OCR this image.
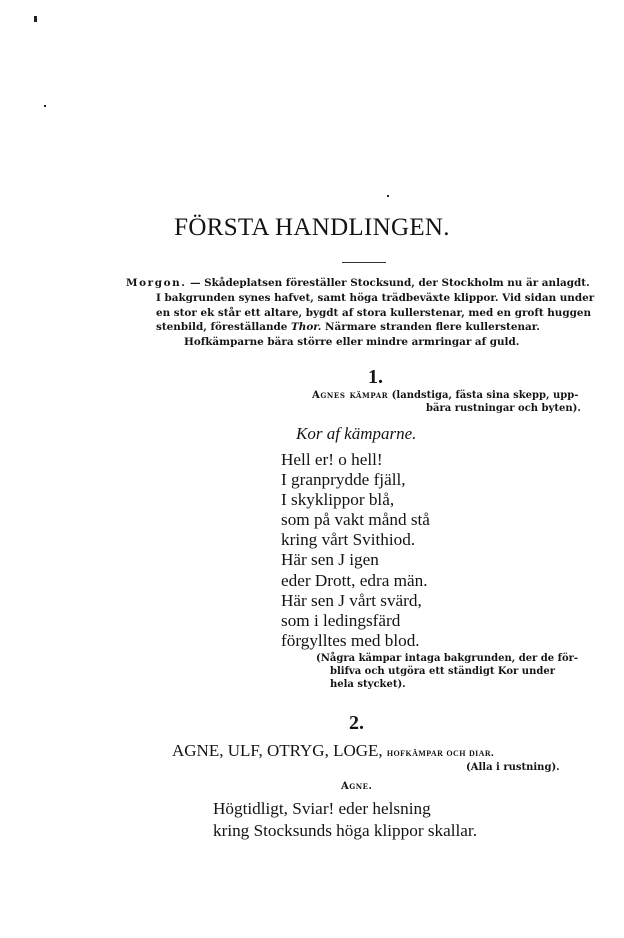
FÖRSTA HANDLINGEN.
Morgon. — Skådeplatsen föreställer Stocksund, der Stockholm nu är anlagdt.
I bakgrunden synes hafvet, samt höga trädbeväxte klippor. Vid sidan under
en stor ek står ett altare, bygdt af stora kullerstenar, med en groft huggen
stenbild, föreställande Thor. Närmare stranden flere kullerstenar.
Hofkämparne bära större eller mindre armringar af guld.
1.
Agnes kämpar (landstiga, fästa sina skepp, upp-
bära rustningar och byten).
Kor af kämparne.
Hell er! o hell!
I granprydde fjäll,
I skyklippor blå,
som på vakt månd stå
kring vårt Svithiod.
Här sen J igen
eder Drott, edra män.
Här sen J vårt svärd,
som i ledingsfärd
förgylltes med blod.
(Några kämpar intaga bakgrunden, der de för-
blifva och utgöra ett ständigt Kor under
hela stycket).
2.
AGNE, ULF, OTRYG, LOGE, hofkämpar och diar.
(Alla i rustning).
Agne.
Högtidligt, Sviar! eder helsning
kring Stocksunds höga klippor skallar.
